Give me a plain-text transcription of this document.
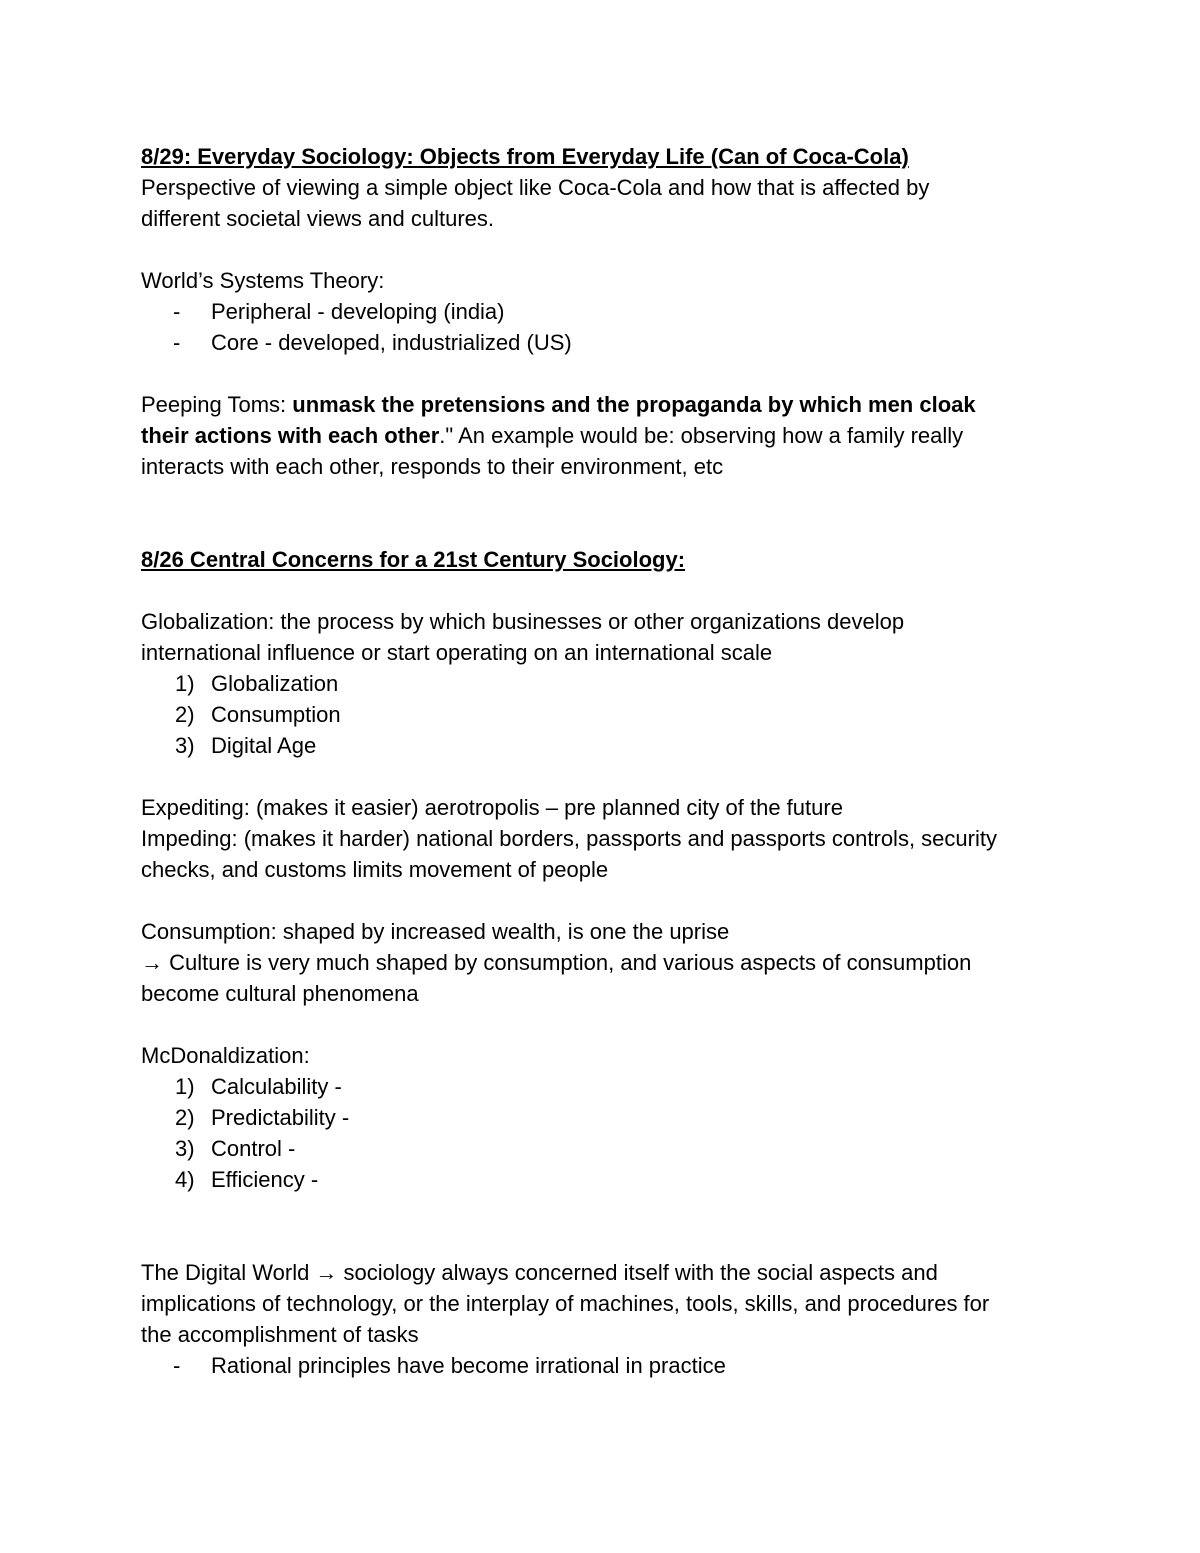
8/29: Everyday Sociology: Objects from Everyday Life (Can of Coca-Cola)

Perspective of viewing a simple object like Coca-Cola and how that is affected by

different societal views and cultures.

World’s Systems Theory:

- Peripheral - developing (india)

- Core - developed, industrialized (US)

Peeping Toms: unmask the pretensions and the propaganda by which men cloak

their actions with each other." An example would be: observing how a family really

interacts with each other, responds to their environment, etc

8/26 Central Concerns for a 21st Century Sociology:

Globalization: the process by which businesses or other organizations develop

international influence or start operating on an international scale

1) Globalization

2) Consumption

3) Digital Age

Expediting: (makes it easier) aerotropolis – pre planned city of the future

Impeding: (makes it harder) national borders, passports and passports controls, security

checks, and customs limits movement of people

Consumption: shaped by increased wealth, is one the uprise

→ Culture is very much shaped by consumption, and various aspects of consumption

become cultural phenomena

McDonaldization:

1) Calculability -

2) Predictability -

3) Control -

4) Efficiency -

The Digital World → sociology always concerned itself with the social aspects and

implications of technology, or the interplay of machines, tools, skills, and procedures for

the accomplishment of tasks

- Rational principles have become irrational in practice
